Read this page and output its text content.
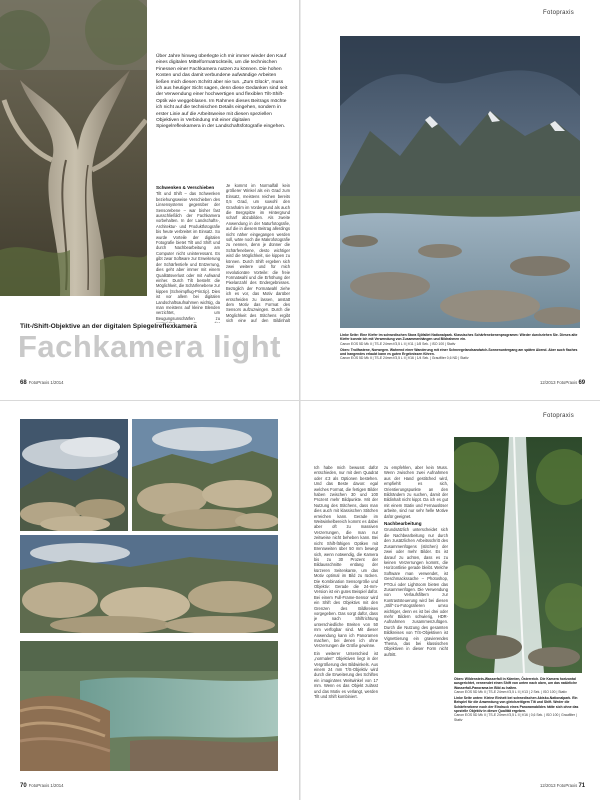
Über Jahre hinweg überlegte ich mir immer wieder den Kauf eines digitalen Mittelformatrückteils, um die technischen Finessen einer Fachkamera nutzen zu können. Die hohen Kosten und das damit verbundene aufwändige Arbeiten ließen mich diesen Schritt aber nie tun. „Zum Glück“, muss ich aus heutiger Sicht sagen, denn diese Gedanken sind seit der Verwendung einer hochwertigen und flexiblen Tilt-Shift-Optik wie weggeblasen. Im Rahmen dieses Beitrags möchte ich nicht auf die technischen Details eingehen, sondern in erster Linie auf die Arbeitsweise mit diesen speziellen Objektiven in Verbindung mit einer digitalen Spiegelreflexkamera in der Landschaftsfotografie eingehen.
Schwenken & Verschieben

Tilt und Shift – das Schwenken beziehungsweise Verschieben des Linsensystems gegenüber der Sensorebene – war bisher fast ausschließlich der Fachkamera vorbehalten. In der Landschafts-, Architektur- und Produktfotografie bis heute verbreitet im Einsatz. So wurde Vorteile der digitalen Fotografie bietet Tilt und Shift und durch Nachbearbeitung am Computer nicht uninteressant. Es gibt zwar Software zur Erweiterung der Schärfentiefe und Entzerrung, dies geht aber immer mit einem Qualitätsverlust oder mit Aufwand einher. Durch Tilt besteht die Möglichkeit, die Schärfenebene zur kippen (Scheimpflug-Prinzip). Dies ist vor allem bei digitalen Landschaftsaufnahmen wichtig, da man meistens auf kleine Blenden verzichtet, um Beugungsunschärfen zu

Je kommt im Normalfall kein größerer Winkel als ein Grad zum Einsatz, meistens reichen bereits 0,5 Grad, um sowohl den Grashalm im Vordergrund als auch die Bergspitze im Hintergrund scharf abzubilden. Als zweite Anwendung in der Naturfotografie, auf die in diesem Beitrag allerdings nicht näher eingegangen werden soll, wäre noch die Makrofotografie zu nennen, denn je dünner die Schärfenebene, desto wichtiger wird die Möglichkeit, sie kippen zu können. Durch Shift ergeben sich zwei weitere und für mich revolutionäre Vorteile: die freie Formatwahl und die Erhöhung der Pixelanzahl des Endergebnisses. Bezüglich der Formatwahl ziehe ich es vor, das Motiv darüber entscheiden zu lassen, anstatt dem Motiv das Format des Sensors aufzuzwingen. Durch die Möglichkeit des Stitchens ergibt sich eine auf den Bildinhalt

Tilt-/Shift-Objektive an der digitalen Spiegelreflexkamera
Fachkamera light
68 FotoPraxis 1/2014
Fotopraxis
Linke Seite: Eine Kiefer im schwedischen Stora Sjöfallet Nationalpark. Klassisches Schärfenebenenprogramm: Wieder durchziehen Sie. Dieses alte Kiefer konnte ich mit Verwendung von Zusammenhängen und Bildrahmen ein.
Canon EOS 5D Mk II | TS-E 24mm f/3,5 L II | f/11 | 1/8 Sek. | ISO 100 | Stativ
Oben: Troilfastene, Norwegen. Wahrend einer Wanderung mit einer Schneegelandsandwich-Sonnenuntergang am späten Abend. Aber auch flaches und hangendes erlaubt kann es guten Ergebnissen führen.
Canon EOS 5D Mk II | TS-E 24mm f/3,5 L II | f/16 | 1/4 Sek. | Graufilter 0,6 ND | Stativ
12/2013 FotoPraxis 69
70 FotoPraxis 1/2014

Ich habe mich bewusst dafür entschieden, nur mit dem Quadrat oder 4:3 als Optionen bestehen. Und das Beste davon: egal welches Format, die fertigen Bilder haben zwischen 30 und 100 Prozent mehr Bildpunkte. Mit der Nutzung des Stitchens, dass man dies auch mit klassischen Stitchen erreichen kann. Gerade im Weitwinkelbereich kommt es dabei aber oft zu massiven Verzerrungen, die man nur zeitweise nicht beheben kann. Bei nicht Shift-fähigen Optiken mit Brennweiten über 50 mm bewegt sich, wenn notwendig, die Kamera bis zu 30 Prozent der Bildausschnitte entlang der kürzeren Seitenkante, um das Motiv optimal im Bild zu rücken. Die Kombination Sensorgröße und Objektiv: Gerade die 24-mm-Version ist ein gutes Beispiel dafür. Bei einem Full-Frame-Sensor wird ein Shift des Objektivs mit den Grenzen des Bildkreises vorgegeben. Das sorgt dafür, dass je nach Shiftrichtung unterschiedliche Breiten von 50 mm verfügbar sind. Mit dieser Anwendung kann ich Panoramen machen, bei denen ich ohne Verzerrungen die Größe gewinne.

Ein weiterer Unterschied ist „normalen“ Objektiven liegt in der Vergrößerung des Bildwinkels. Aus einem 24 mm T/S-Objektiv wird durch die Erweiterung des Schiftes ein imaginäres Weitwinkel von 17 mm. Wenn es das Objekt zulässt und das Motiv es verlangt, werden Tilt und Shift kombiniert.

zu empfehlen, aber kein Muss. Wenn zwischen zwei Aufnahmen aus der Hand gestitched wird, empfiehlt es sich, Orientierungspunkte an den Bildrändern zu suchen, damit der Bildinhalt nicht kippt. Da ich es gut mit einem Stativ und Fernauslöser arbeite, sind nur sehr helle Motive dafür geeignet.

Nachbearbeitung

Grundsätzlich unterscheidet sich die Nachbearbeitung nur durch den zusätzlichen Arbeitsschritt des Zusammenfügens (stitchen) der zwei oder mehr Bilder. Es ist darauf zu achten, dass es zu keinen Verzerrungen kommt, die Horizontlinie gerade bleibt. Welche Software man verwendet, ist Geschmackssache – Photoshop, PTGui oder Lightroom bieten das Zusammenfügen. Die Verwendung von Verlaufsfiltern zur Kontraststeuerung wird bei diesen „Still“-zu-Fotografieren umso wichtiger, denn es ist bei drei oder mehr Bildern schwierig, HDR-Aufnahmen zusammenzufügen. Durch die Nutzung des gesamten Bildkreises von T/S-Objektiven ist Vignettierung ein gravierendes Thema, das bei klassischen Objektiven in dieser Form nicht auftritt.

Fotopraxis
Oben: Wildenstein-Wasserfall in Kärnten, Österreich. Die Kamera horizontal ausgerichtet, verwendet einen Shift von unten nach oben, um das natürliche Wasserfall-Panorama im Bild zu halten.
Canon EOS 5D Mk II | TS-E 24mm f/3,5 L II | f/13 | 2 Sek. | ISO 100 | Stativ
Linke Seite unten: Kleine Einheit bei schwedischen Abisko-Nationalpark. Ein Beispiel für die Anwendung von gleichzeitigem Tilt und Shift. Weder die Schärfenebene noch der Eindruck eines Panoramabildes hätte sich ohne das spezielle Objektiv in dieser Qualität ergeben.
Canon EOS 5D Mk II | TS-E 24mm f/3,5 L II | f/16 | 0,6 Sek. | ISO 100 | Graufilter | Stativ
12/2013 FotoPraxis 71
